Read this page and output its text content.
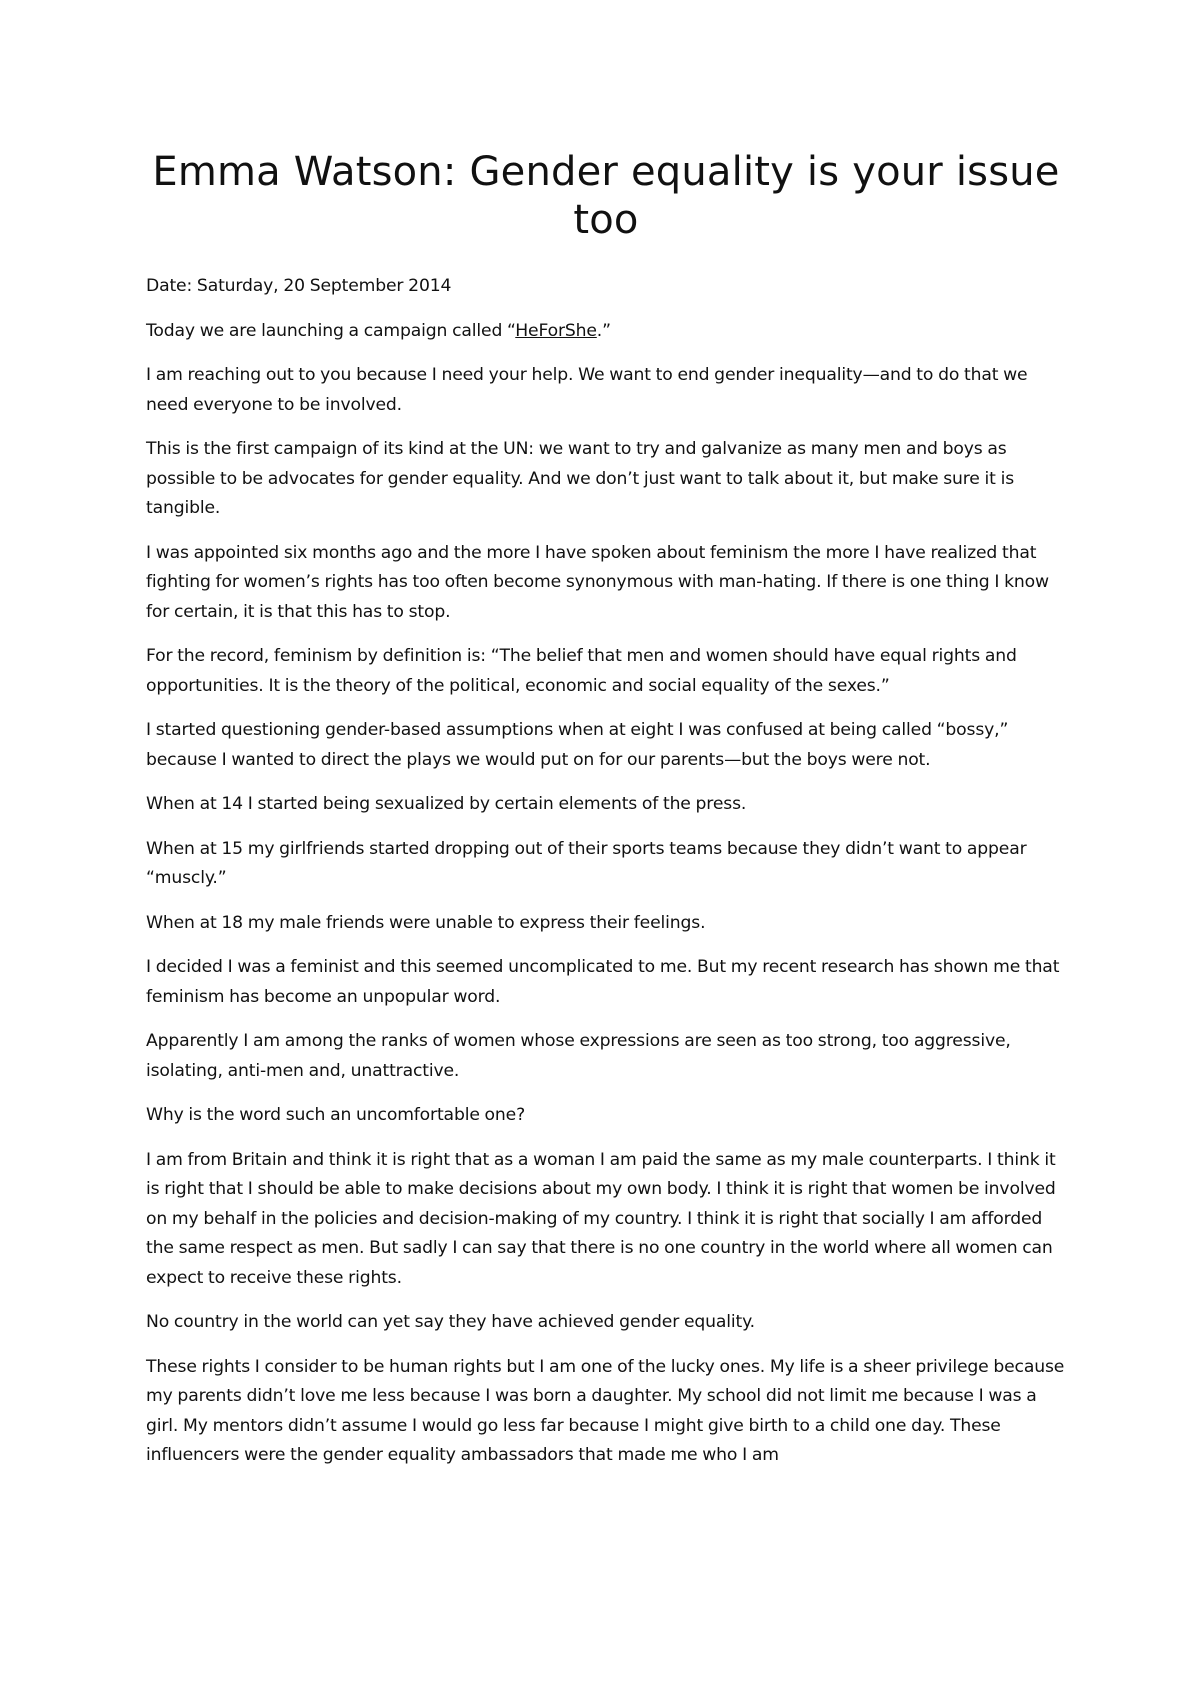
Emma Watson: Gender equality is your issue too

Date: Saturday, 20 September 2014

Today we are launching a campaign called “HeForShe.”

I am reaching out to you because I need your help. We want to end gender inequality—and to do that we need everyone to be involved.

This is the first campaign of its kind at the UN: we want to try and galvanize as many men and boys as possible to be advocates for gender equality. And we don’t just want to talk about it, but make sure it is tangible.

I was appointed six months ago and the more I have spoken about feminism the more I have realized that fighting for women’s rights has too often become synonymous with man-hating. If there is one thing I know for certain, it is that this has to stop.

For the record, feminism by definition is: “The belief that men and women should have equal rights and opportunities. It is the theory of the political, economic and social equality of the sexes.”

I started questioning gender-based assumptions when at eight I was confused at being called “bossy,” because I wanted to direct the plays we would put on for our parents—but the boys were not.

When at 14 I started being sexualized by certain elements of the press.

When at 15 my girlfriends started dropping out of their sports teams because they didn’t want to appear “muscly.”

When at 18 my male friends were unable to express their feelings.

I decided I was a feminist and this seemed uncomplicated to me. But my recent research has shown me that feminism has become an unpopular word.

Apparently I am among the ranks of women whose expressions are seen as too strong, too aggressive, isolating, anti-men and, unattractive.

Why is the word such an uncomfortable one?

I am from Britain and think it is right that as a woman I am paid the same as my male counterparts. I think it is right that I should be able to make decisions about my own body. I think it is right that women be involved on my behalf in the policies and decision-making of my country. I think it is right that socially I am afforded the same respect as men. But sadly I can say that there is no one country in the world where all women can expect to receive these rights.

No country in the world can yet say they have achieved gender equality.

These rights I consider to be human rights but I am one of the lucky ones. My life is a sheer privilege because my parents didn’t love me less because I was born a daughter. My school did not limit me because I was a girl. My mentors didn’t assume I would go less far because I might give birth to a child one day. These influencers were the gender equality ambassadors that made me who I am
